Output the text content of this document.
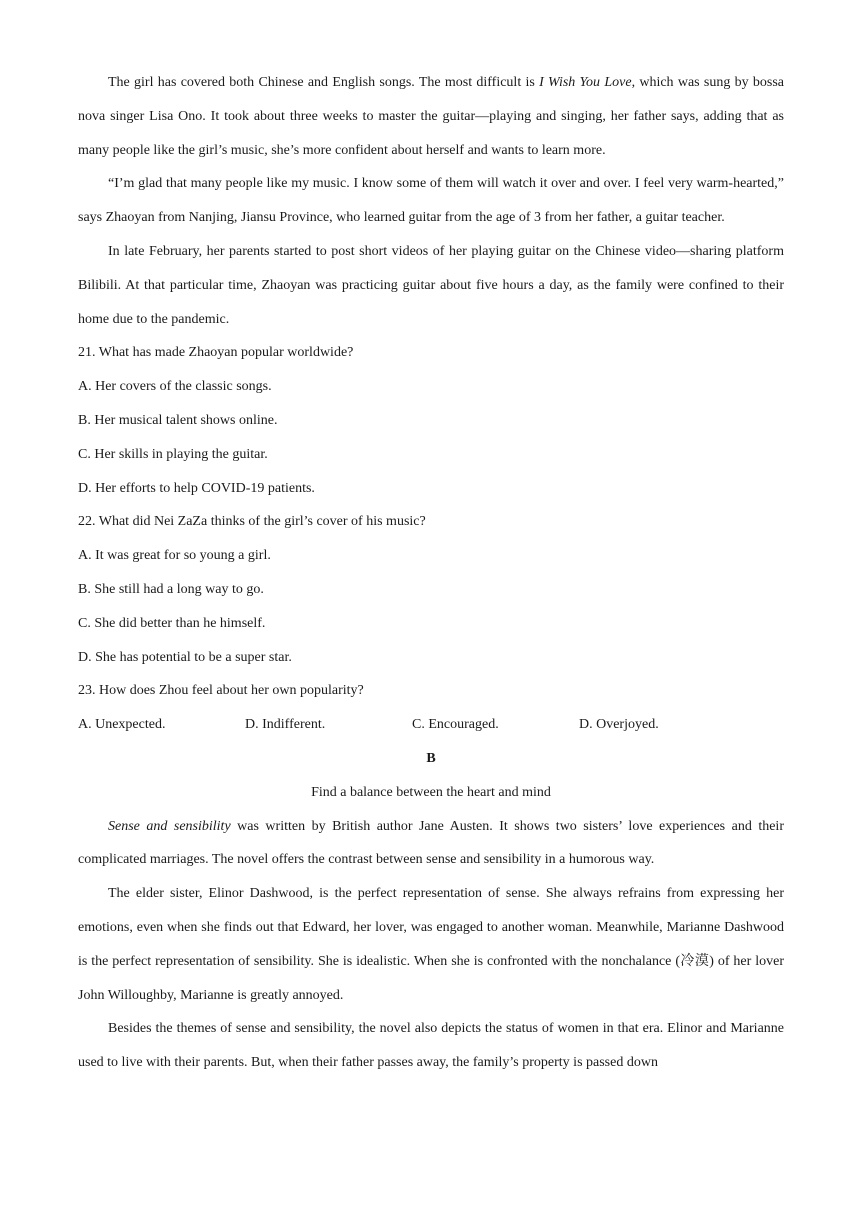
The girl has covered both Chinese and English songs. The most difficult is I Wish You Love, which was sung by bossa nova singer Lisa Ono. It took about three weeks to master the guitar—playing and singing, her father says, adding that as many people like the girl’s music, she’s more confident about herself and wants to learn more.

“I’m glad that many people like my music. I know some of them will watch it over and over. I feel very warm-hearted,” says Zhaoyan from Nanjing, Jiansu Province, who learned guitar from the age of 3 from her father, a guitar teacher.

In late February, her parents started to post short videos of her playing guitar on the Chinese video—sharing platform Bilibili. At that particular time, Zhaoyan was practicing guitar about five hours a day, as the family were confined to their home due to the pandemic.

21. What has made Zhaoyan popular worldwide?

A. Her covers of the classic songs.

B. Her musical talent shows online.

C. Her skills in playing the guitar.

D. Her efforts to help COVID-19 patients.

22. What did Nei ZaZa thinks of the girl’s cover of his music?

A. It was great for so young a girl.

B. She still had a long way to go.

C. She did better than he himself.

D. She has potential to be a super star.

23. How does Zhou feel about her own popularity?

A. Unexpected.	D. Indifferent.	C. Encouraged.	D. Overjoyed.

B

Find a balance between the heart and mind

Sense and sensibility was written by British author Jane Austen. It shows two sisters’ love experiences and their complicated marriages. The novel offers the contrast between sense and sensibility in a humorous way.

The elder sister, Elinor Dashwood, is the perfect representation of sense. She always refrains from expressing her emotions, even when she finds out that Edward, her lover, was engaged to another woman. Meanwhile, Marianne Dashwood is the perfect representation of sensibility. She is idealistic. When she is confronted with the nonchalance (冷漠) of her lover John Willoughby, Marianne is greatly annoyed.

Besides the themes of sense and sensibility, the novel also depicts the status of women in that era. Elinor and Marianne used to live with their parents. But, when their father passes away, the family’s property is passed down
